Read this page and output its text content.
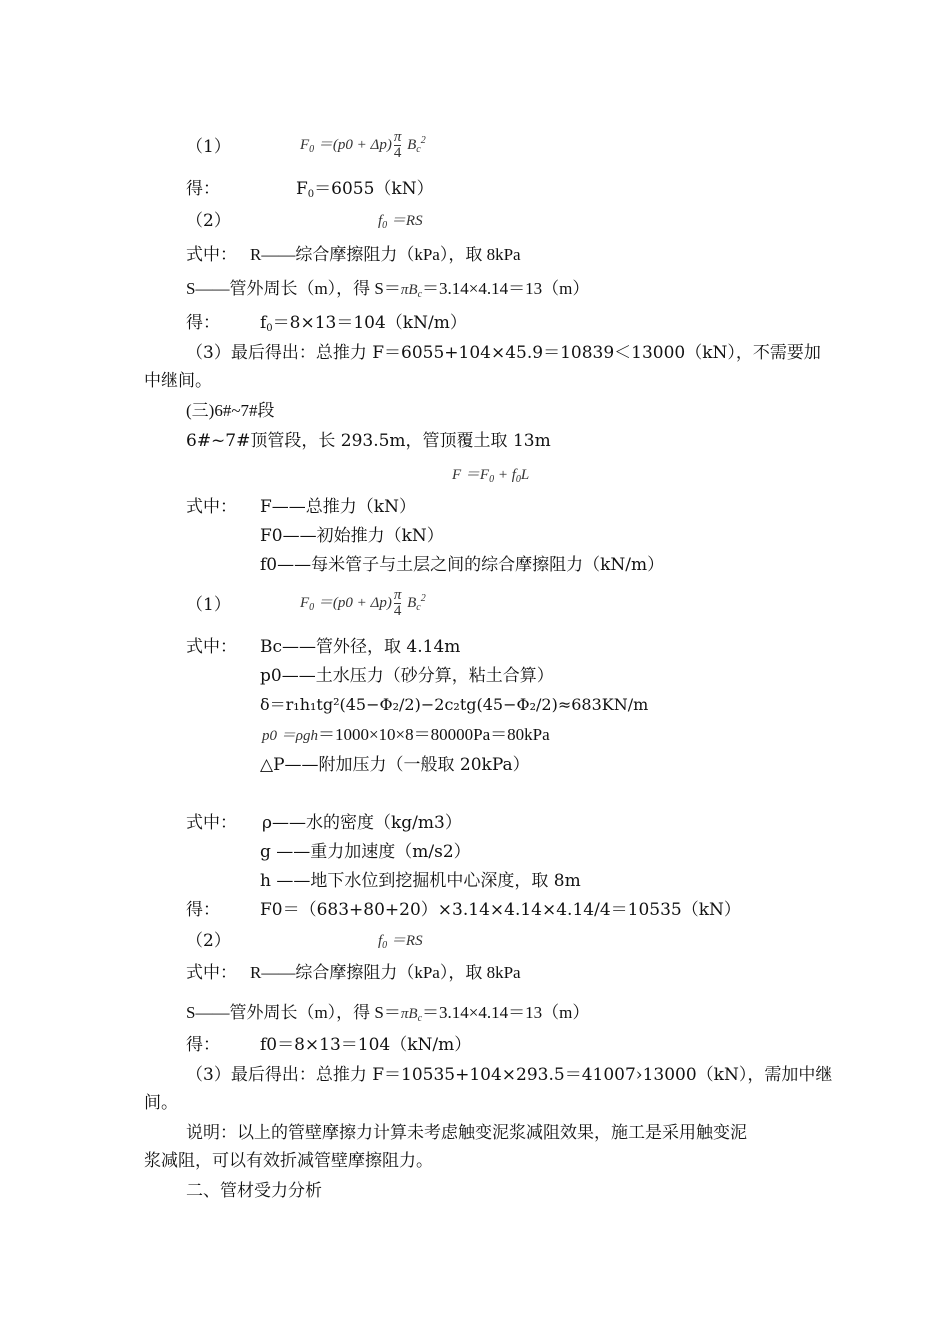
（1）	$F_0 =(p0 + \Delta p) \frac{\pi}{4} B_c^2$
得：	$F_0=6055(kN)$
（2）	$f_0 =RS$
式中： R——综合摩擦阻力（kPa），取 8kPa
S——管外周长（m），得 $S=\pi B_c=3.14\times 4.14=13(m)$
得： $f_0=8\times 13=104(kN/m)$
（3）最后得出：总推力 F＝6055+104×45.9＝10839＜13000（kN），不需要加
中继间。
(三)6#~7#段
6#~7#顶管段，长 293.5m，管顶覆土取 13m
$F =F_0 + f_0L$
式中： F——总推力（kN）
F0——初始推力（kN）
f0——每米管子与土层之间的综合摩擦阻力（kN/m）
（1）	$F_0 =(p0 + \Delta p) \frac{\pi}{4} B_c^2$
式中： Bc——管外径，取 4.14m
p0——土水压力（砂分算，粘土合算）
δ＝r₁h₁tg²(45−Φ₂/2)−2c₂tg(45−Φ₂/2)≈683KN/m
p0 ＝ρgh＝1000×10×8＝80000Pa＝80kPa
△P——附加压力（一般取 20kPa）
式中： ρ——水的密度（kg/m3）
g ——重力加速度（m/s2）
h ——地下水位到挖掘机中心深度，取 8m
得： F0＝（683+80+20）×3.14×4.14×4.14/4＝10535（kN）
（2）	$f_0 =RS$
式中： R——综合摩擦阻力（kPa），取 8kPa
S——管外周长（m），得 $S=\pi B_c=3.14\times 4.14=13(m)$
得： f0＝8×13＝104（kN/m）
（3）最后得出：总推力 F＝10535+104×293.5＝41007›13000（kN），需加中继
间。
说明：以上的管壁摩擦力计算未考虑触变泥浆减阻效果，施工是采用触变泥
浆减阻，可以有效折减管壁摩擦阻力。
二、管材受力分析
